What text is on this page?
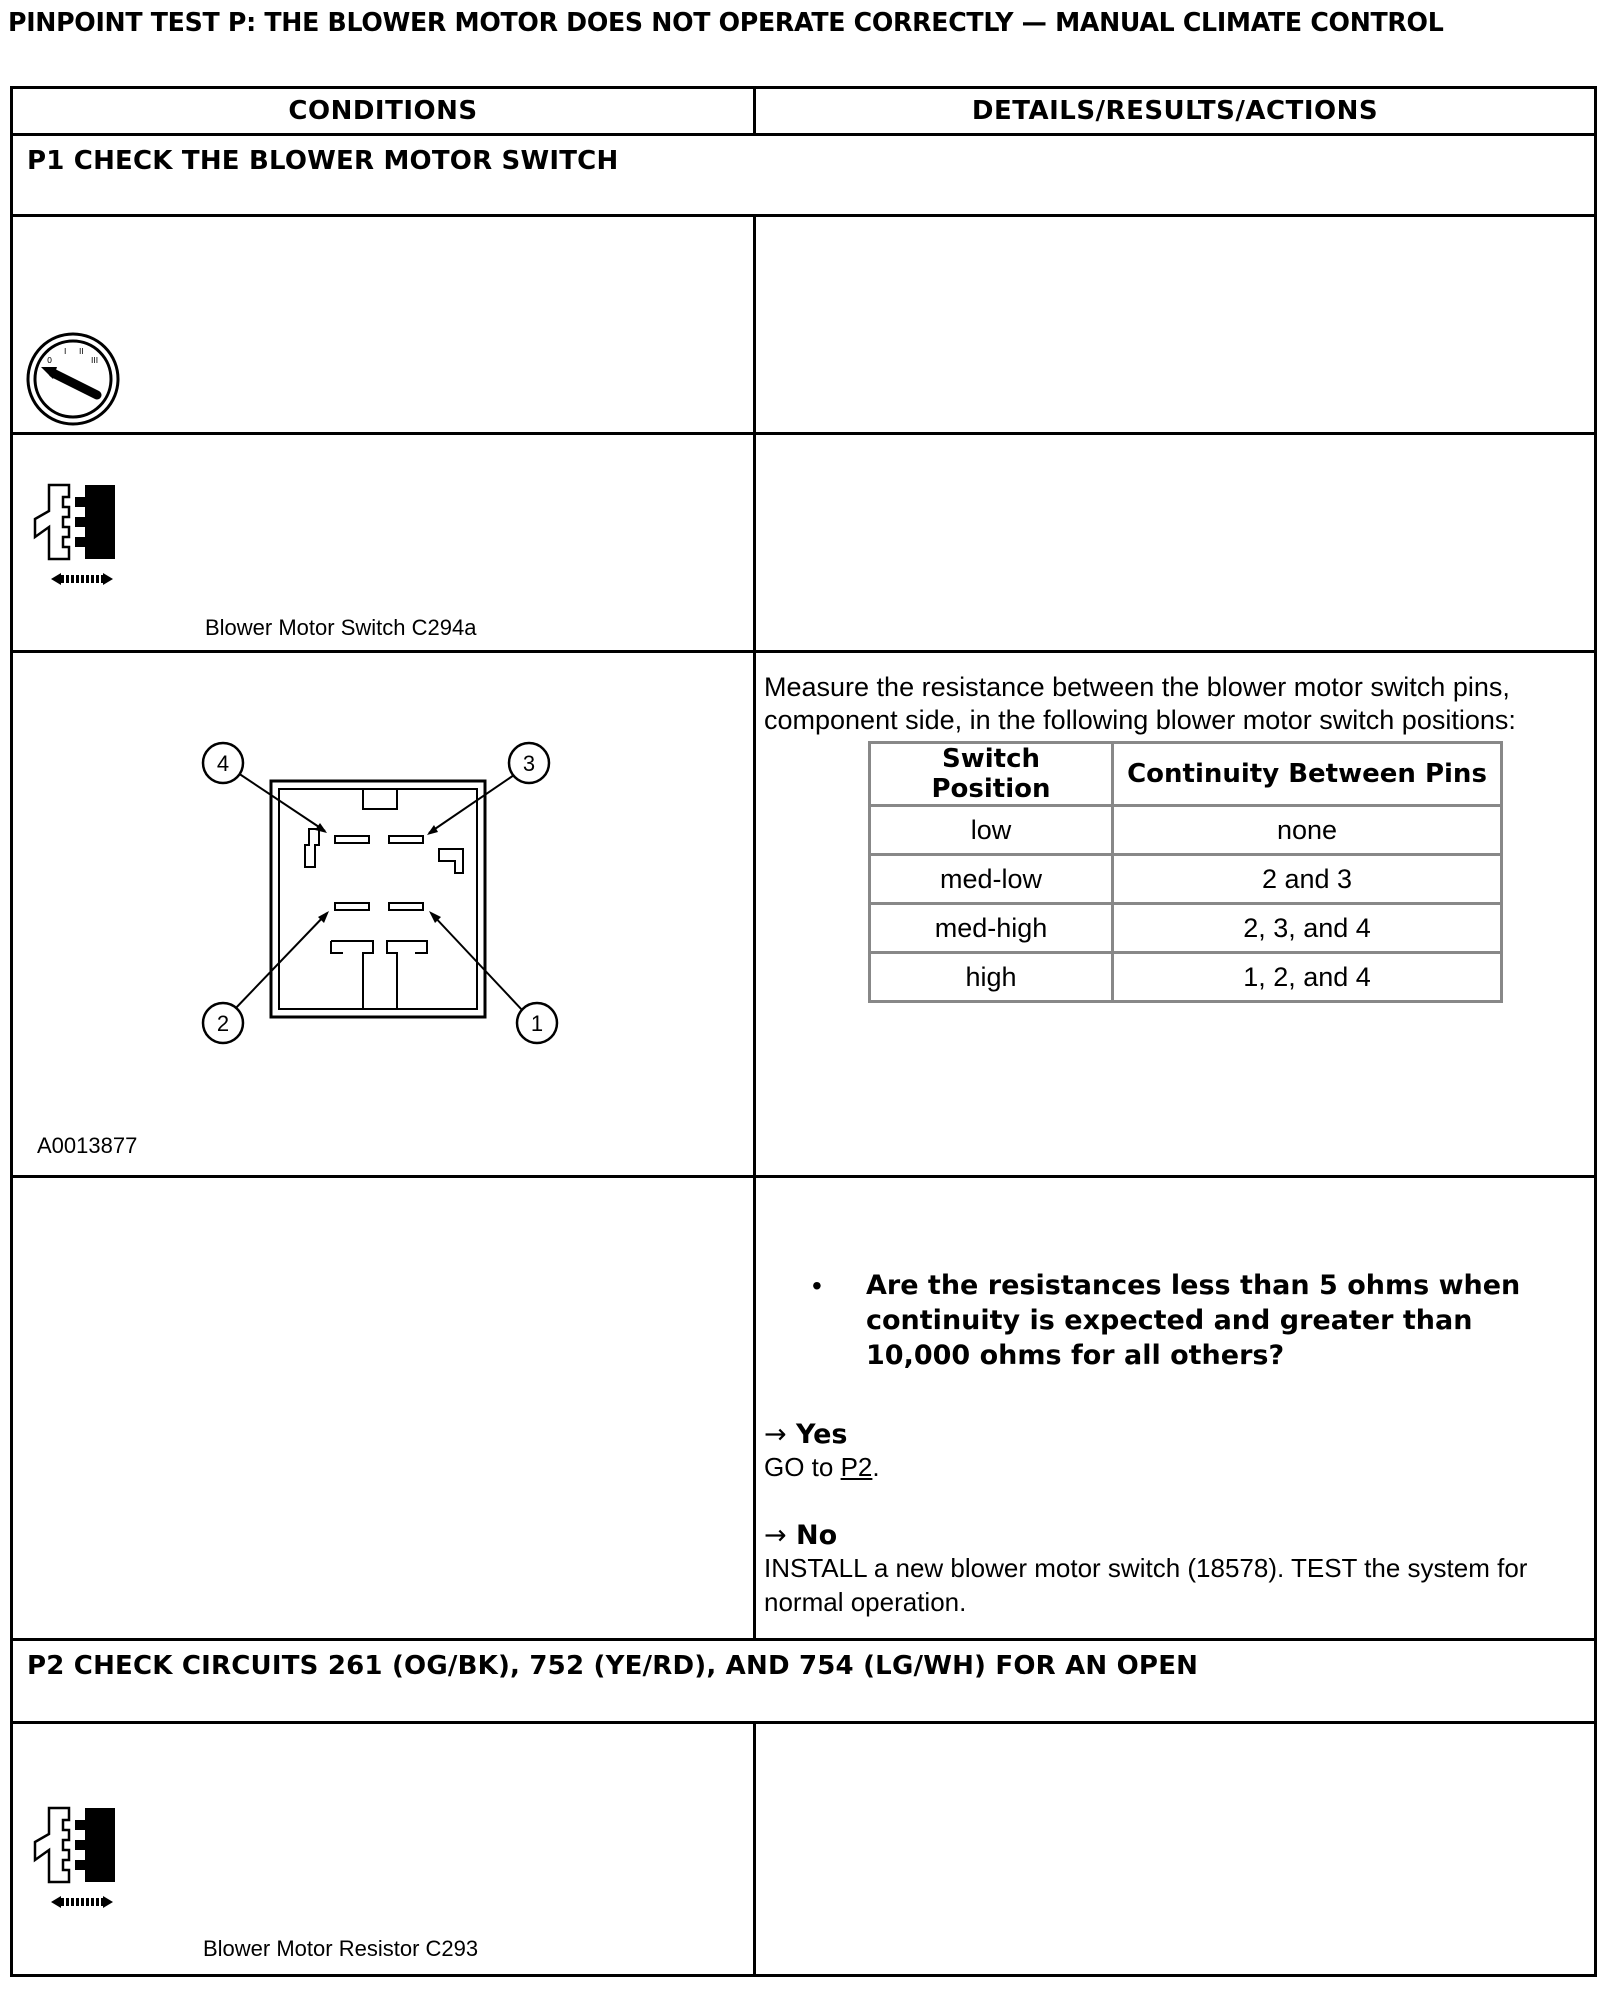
PINPOINT TEST P: THE BLOWER MOTOR DOES NOT OPERATE CORRECTLY — MANUAL CLIMATE CONTROL
CONDITIONS	DETAILS/RESULTS/ACTIONS
P1 CHECK THE BLOWER MOTOR SWITCH

0
I II
III

Blower Motor Switch C294a

4	3
2	1
A0013877

Measure the resistance between the blower motor switch pins, component side, in the following blower motor switch positions:
Switch Position	Continuity Between Pins
low	none
med-low	2 and 3
med-high	2, 3, and 4
high	1, 2, and 4

•	Are the resistances less than 5 ohms when continuity is expected and greater than 10,000 ohms for all others?
→ Yes
GO to P2.
→ No
INSTALL a new blower motor switch (18578). TEST the system for normal operation.

P2 CHECK CIRCUITS 261 (OG/BK), 752 (YE/RD), AND 754 (LG/WH) FOR AN OPEN

Blower Motor Resistor C293
